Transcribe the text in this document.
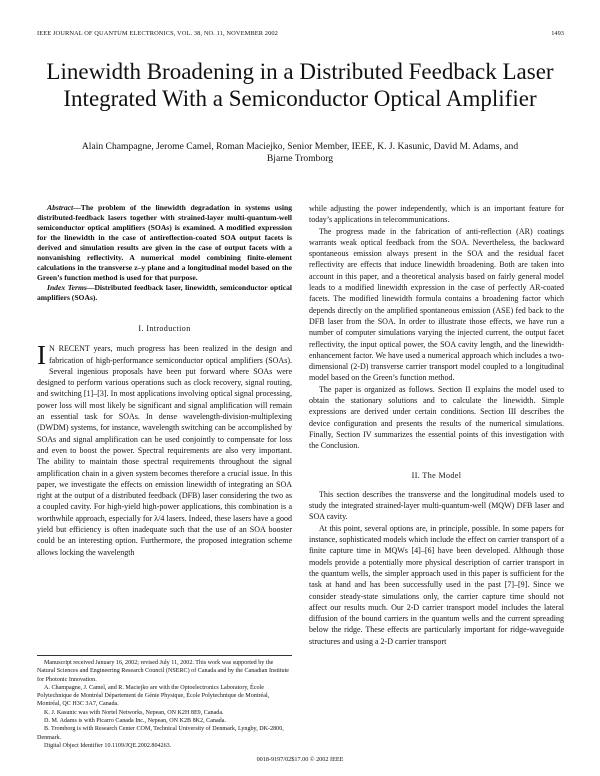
IEEE JOURNAL OF QUANTUM ELECTRONICS, VOL. 38, NO. 11, NOVEMBER 2002	1493
Linewidth Broadening in a Distributed Feedback Laser Integrated With a Semiconductor Optical Amplifier
Alain Champagne, Jerome Camel, Roman Maciejko, Senior Member, IEEE, K. J. Kasunic, David M. Adams, and
Bjarne Tromborg

Abstract—The problem of the linewidth degradation in systems using distributed-feedback lasers together with strained-layer multi-quantum-well semiconductor optical amplifiers (SOAs) is examined. A modified expression for the linewidth in the case of antireflection-coated SOA output facets is derived and simulation results are given in the case of output facets with a nonvanishing reflectivity. A numerical model combining finite-element calculations in the transverse z–y plane and a longitudinal model based on the Green’s function method is used for that purpose.

Index Terms—Distributed feedback laser, linewidth, semiconductor optical amplifiers (SOAs).

I. Introduction

I N RECENT years, much progress has been realized in the design and fabrication of high-performance semiconductor optical amplifiers (SOAs). Several ingenious proposals have been put forward where SOAs were designed to perform various operations such as clock recovery, signal routing, and switching [1]–[3]. In most applications involving optical signal processing, power loss will most likely be significant and signal amplification will remain an essential task for SOAs. In dense wavelength-division-multiplexing (DWDM) systems, for instance, wavelength switching can be accomplished by SOAs and signal amplification can be used conjointly to compensate for loss and even to boost the power. Spectral requirements are also very important. The ability to maintain those spectral requirements throughout the signal amplification chain in a given system becomes therefore a crucial issue. In this paper, we investigate the effects on emission linewidth of integrating an SOA right at the output of a distributed feedback (DFB) laser considering the two as a coupled cavity. For high-yield high-power applications, this combination is a worthwhile approach, especially for λ/4 lasers. Indeed, these lasers have a good yield but efficiency is often inadequate such that the use of an SOA booster could be an interesting option. Furthermore, the proposed integration scheme allows locking the wavelength

Manuscript received January 16, 2002; revised July 11, 2002. This work was supported by the Natural Sciences and Engineering Research Council (NSERC) of Canada and by the Canadian Institute for Photonic Innovation.
A. Champagne, J. Camel, and R. Maciejko are with the Optoelectronics Laboratory, École Polytechnique de Montréal Département de Génie Physique, École Polytechnique de Montréal, Montréal, QC H3C 3A7, Canada.
K. J. Kasunic was with Nortel Networks, Nepean, ON K2H 8E9, Canada.
D. M. Adams is with Picarro Canada Inc., Nepean, ON K2B 8K2, Canada.
B. Tromborg is with Research Center COM, Technical University of Denmark, Lyngby, DK-2800, Denmark.
Digital Object Identifier 10.1109/JQE.2002.804263.

while adjusting the power independently, which is an important feature for today’s applications in telecommunications.

The progress made in the fabrication of anti-reflection (AR) coatings warrants weak optical feedback from the SOA. Nevertheless, the backward spontaneous emission always present in the SOA and the residual facet reflectivity are effects that induce linewidth broadening. Both are taken into account in this paper, and a theoretical analysis based on fairly general model leads to a modified linewidth expression in the case of perfectly AR-coated facets. The modified linewidth formula contains a broadening factor which depends directly on the amplified spontaneous emission (ASE) fed back to the DFB laser from the SOA. In order to illustrate those effects, we have run a number of computer simulations varying the injected current, the output facet reflectivity, the input optical power, the SOA cavity length, and the linewidth-enhancement factor. We have used a numerical approach which includes a two-dimensional (2-D) transverse carrier transport model coupled to a longitudinal model based on the Green’s function method.

The paper is organized as follows. Section II explains the model used to obtain the stationary solutions and to calculate the linewidth. Simple expressions are derived under certain conditions. Section III describes the device configuration and presents the results of the numerical simulations. Finally, Section IV summarizes the essential points of this investigation with the Conclusion.

II. The Model

This section describes the transverse and the longitudinal models used to study the integrated strained-layer multi-quantum-well (MQW) DFB laser and SOA cavity.

At this point, several options are, in principle, possible. In some papers for instance, sophisticated models which include the effect on carrier transport of a finite capture time in MQWs [4]–[6] have been developed. Although those models provide a potentially more physical description of carrier transport in the quantum wells, the simpler approach used in this paper is sufficient for the task at hand and has been successfully used in the past [7]–[9]. Since we consider steady-state simulations only, the carrier capture time should not affect our results much. Our 2-D carrier transport model includes the lateral diffusion of the bound carriers in the quantum wells and the current spreading below the ridge. These effects are particularly important for ridge-waveguide structures and using a 2-D carrier transport

0018-9197/02$17.00 © 2002 IEEE
